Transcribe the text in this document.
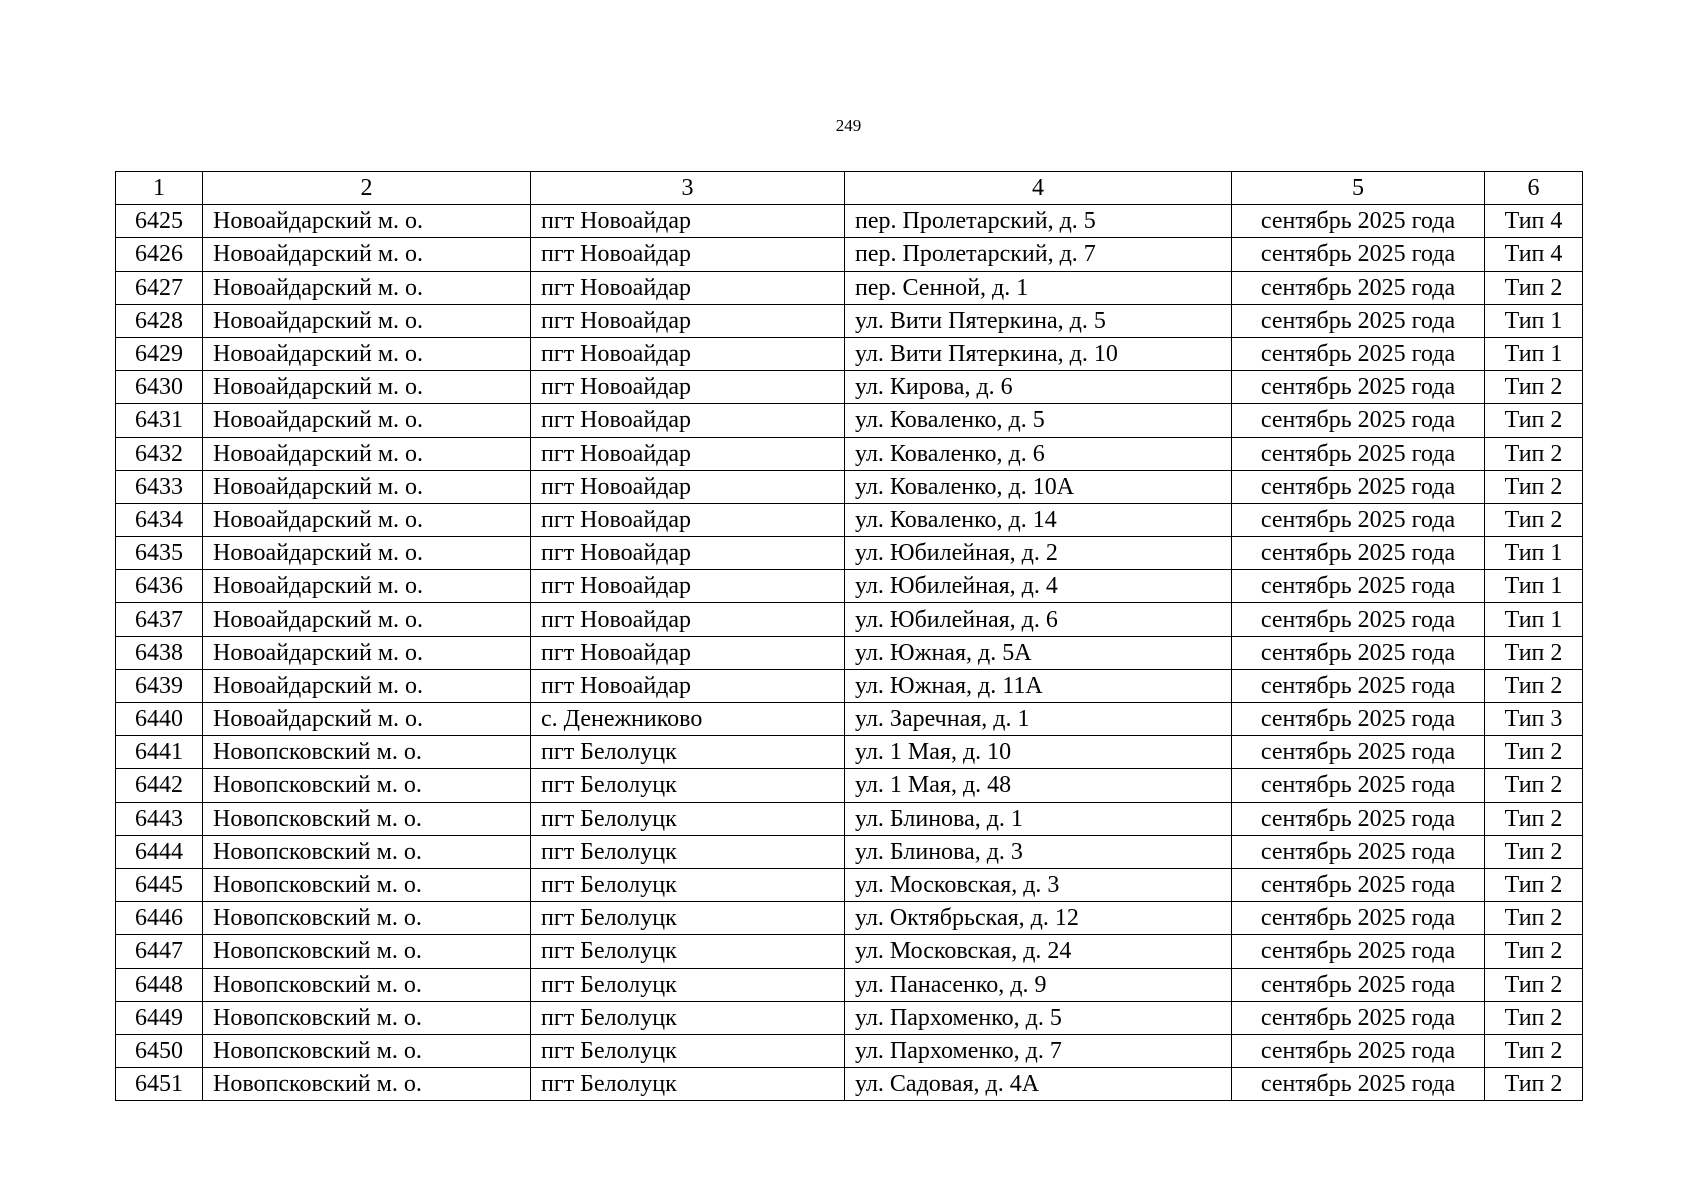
249
1	2	3	4	5	6
6425	Новоайдарский м. о.	пгт Новоайдар	пер. Пролетарский, д. 5	сентябрь 2025 года	Тип 4
6426	Новоайдарский м. о.	пгт Новоайдар	пер. Пролетарский, д. 7	сентябрь 2025 года	Тип 4
6427	Новоайдарский м. о.	пгт Новоайдар	пер. Сенной, д. 1	сентябрь 2025 года	Тип 2
6428	Новоайдарский м. о.	пгт Новоайдар	ул. Вити Пятеркина, д. 5	сентябрь 2025 года	Тип 1
6429	Новоайдарский м. о.	пгт Новоайдар	ул. Вити Пятеркина, д. 10	сентябрь 2025 года	Тип 1
6430	Новоайдарский м. о.	пгт Новоайдар	ул. Кирова, д. 6	сентябрь 2025 года	Тип 2
6431	Новоайдарский м. о.	пгт Новоайдар	ул. Коваленко, д. 5	сентябрь 2025 года	Тип 2
6432	Новоайдарский м. о.	пгт Новоайдар	ул. Коваленко, д. 6	сентябрь 2025 года	Тип 2
6433	Новоайдарский м. о.	пгт Новоайдар	ул. Коваленко, д. 10А	сентябрь 2025 года	Тип 2
6434	Новоайдарский м. о.	пгт Новоайдар	ул. Коваленко, д. 14	сентябрь 2025 года	Тип 2
6435	Новоайдарский м. о.	пгт Новоайдар	ул. Юбилейная, д. 2	сентябрь 2025 года	Тип 1
6436	Новоайдарский м. о.	пгт Новоайдар	ул. Юбилейная, д. 4	сентябрь 2025 года	Тип 1
6437	Новоайдарский м. о.	пгт Новоайдар	ул. Юбилейная, д. 6	сентябрь 2025 года	Тип 1
6438	Новоайдарский м. о.	пгт Новоайдар	ул. Южная, д. 5А	сентябрь 2025 года	Тип 2
6439	Новоайдарский м. о.	пгт Новоайдар	ул. Южная, д. 11А	сентябрь 2025 года	Тип 2
6440	Новоайдарский м. о.	с. Денежниково	ул. Заречная, д. 1	сентябрь 2025 года	Тип 3
6441	Новопсковский м. о.	пгт Белолуцк	ул. 1 Мая, д. 10	сентябрь 2025 года	Тип 2
6442	Новопсковский м. о.	пгт Белолуцк	ул. 1 Мая, д. 48	сентябрь 2025 года	Тип 2
6443	Новопсковский м. о.	пгт Белолуцк	ул. Блинова, д. 1	сентябрь 2025 года	Тип 2
6444	Новопсковский м. о.	пгт Белолуцк	ул. Блинова, д. 3	сентябрь 2025 года	Тип 2
6445	Новопсковский м. о.	пгт Белолуцк	ул. Московская, д. 3	сентябрь 2025 года	Тип 2
6446	Новопсковский м. о.	пгт Белолуцк	ул. Октябрьская, д. 12	сентябрь 2025 года	Тип 2
6447	Новопсковский м. о.	пгт Белолуцк	ул. Московская, д. 24	сентябрь 2025 года	Тип 2
6448	Новопсковский м. о.	пгт Белолуцк	ул. Панасенко, д. 9	сентябрь 2025 года	Тип 2
6449	Новопсковский м. о.	пгт Белолуцк	ул. Пархоменко, д. 5	сентябрь 2025 года	Тип 2
6450	Новопсковский м. о.	пгт Белолуцк	ул. Пархоменко, д. 7	сентябрь 2025 года	Тип 2
6451	Новопсковский м. о.	пгт Белолуцк	ул. Садовая, д. 4А	сентябрь 2025 года	Тип 2
